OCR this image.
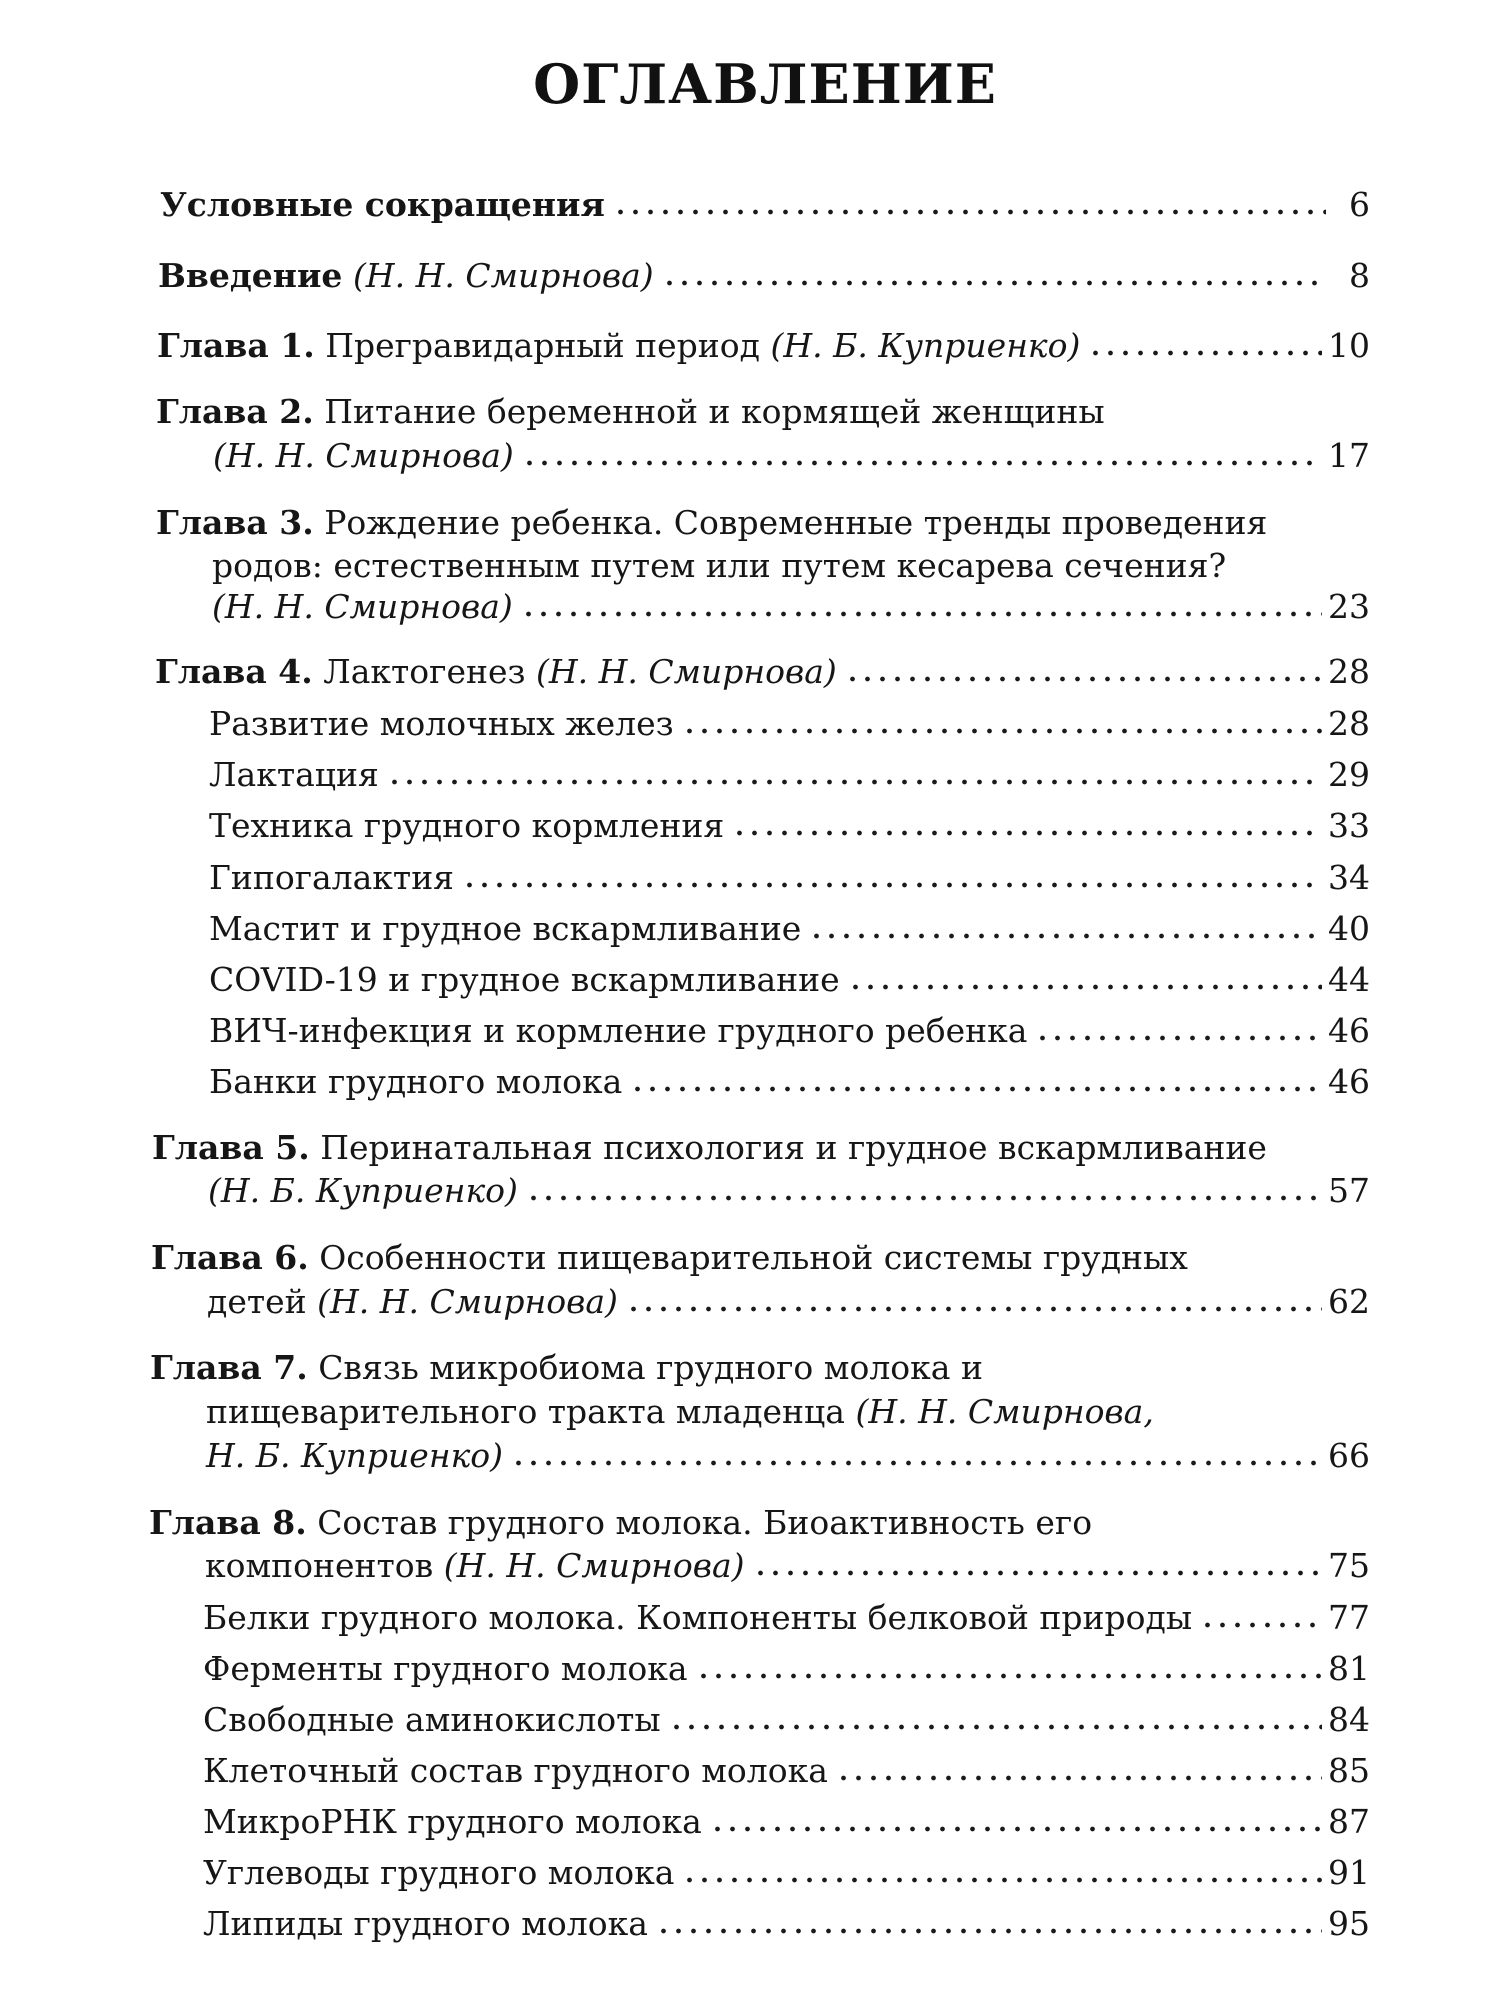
ОГЛАВЛЕНИЕ
Условные сокращения	6
Введение
(Н. Н. Смирнова)	8
Глава 1.
Прегравидарный период
(Н. Б. Куприенко)	10
Глава 2. Питание беременной и кормящей женщины
(Н. Н. Смирнова)	17
Глава 3. Рождение ребенка. Современные тренды проведения
родов: естественным путем или путем кесарева сечения?
(Н. Н. Смирнова)	23
Глава 4.
Лактогенез
(Н. Н. Смирнова)	28
Развитие молочных желез	28
Лактация	29
Техника грудного кормления	33
Гипогалактия	34
Мастит и грудное вскармливание	40
COVID-19 и грудное вскармливание	44
ВИЧ-инфекция и кормление грудного ребенка	46
Банки грудного молока	46
Глава 5. Перинатальная психология и грудное вскармливание
(Н. Б. Куприенко)	57
Глава 6. Особенности пищеварительной системы грудных
детей
(Н. Н. Смирнова)	62
Глава 7. Связь микробиома грудного молока и
пищеварительного тракта младенца (Н. Н. Смирнова,
Н. Б. Куприенко)	66
Глава 8. Состав грудного молока. Биоактивность его
компонентов
(Н. Н. Смирнова)	75
Белки грудного молока. Компоненты белковой природы	77
Ферменты грудного молока	81
Свободные аминокислоты	84
Клеточный состав грудного молока	85
МикроРНК грудного молока	87
Углеводы грудного молока	91
Липиды грудного молока	95
